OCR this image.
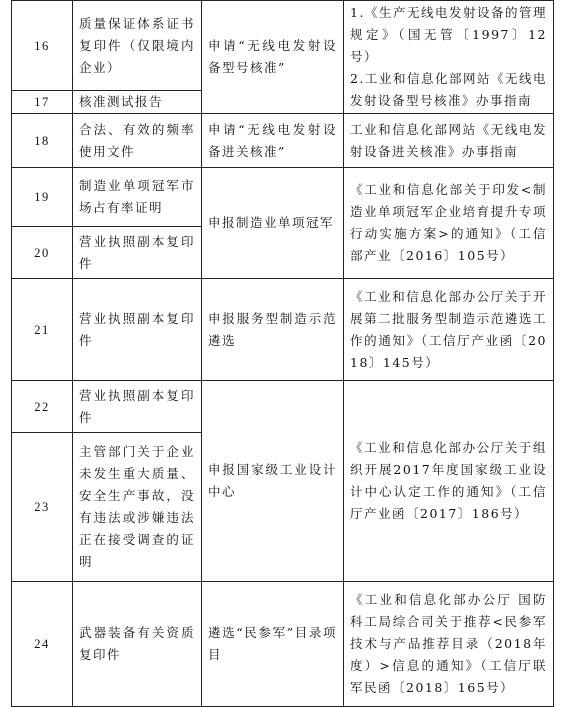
16	质量保证体系证书复印件（仅限境内企业）	申请“无线电发射设备型号核准”	1.《生产无线电发射设备的管理规定》（国无管〔1997〕12号）
2.工业和信息化部网站《无线电发射设备型号核准》办事指南

17	核准测试报告		
18	合法、有效的频率使用文件	申请“无线电发射设备进关核准”	工业和信息化部网站《无线电发射设备进关核准》办事指南
19	制造业单项冠军市场占有率证明	申报制造业单项冠军	《工业和信息化部关于印发<制造业单项冠军企业培育提升专项行动实施方案>的通知》（工信部产业〔2016〕105号）
20	营业执照副本复印件		
21	营业执照副本复印件	申报服务型制造示范遴选	《工业和信息化部办公厅关于开展第二批服务型制造示范遴选工作的通知》（工信厅产业函〔2018〕145号）
22	营业执照副本复印件	申报国家级工业设计中心	《工业和信息化部办公厅关于组织开展2017年度国家级工业设计中心认定工作的通知》（工信厅产业函〔2017〕186号）
23	主管部门关于企业未发生重大质量、安全生产事故，没有违法或涉嫌违法正在接受调查的证明		
24	武器装备有关资质复印件	遴选“民参军”目录项目	《工业和信息化部办公厅 国防科工局综合司关于推荐<民参军技术与产品推荐目录（2018年度）>信息的通知》（工信厅联军民函〔2018〕165号）
